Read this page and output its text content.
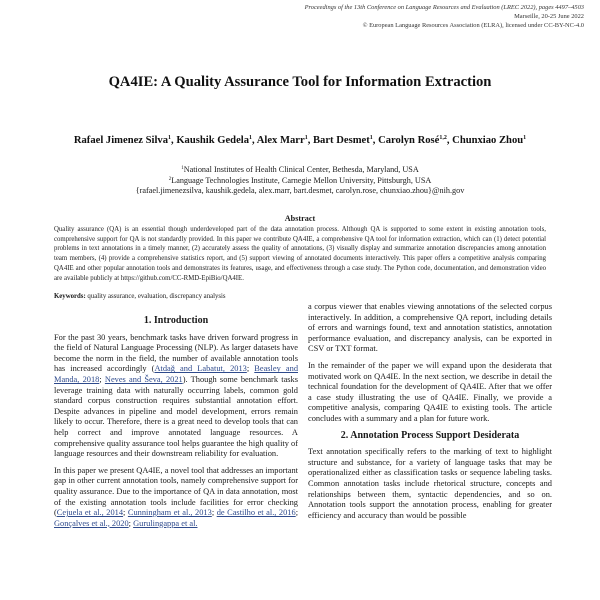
Proceedings of the 13th Conference on Language Resources and Evaluation (LREC 2022), pages 4497–4503
Marseille, 20-25 June 2022
© European Language Resources Association (ELRA), licensed under CC-BY-NC-4.0
QA4IE: A Quality Assurance Tool for Information Extraction
Rafael Jimenez Silva$^1$, Kaushik Gedela$^1$, Alex Marr$^1$, Bart Desmet$^1$, Carolyn Rosé$^{1,2}$, Chunxiao Zhou$^1$
$^1$National Institutes of Health Clinical Center, Bethesda, Maryland, USA
$^2$Language Technologies Institute, Carnegie Mellon University, Pittsburgh, USA
{rafael.jimenezsilva, kaushik.gedela, alex.marr, bart.desmet, carolyn.rose, chunxiao.zhou}@nih.gov
Abstract
Quality assurance (QA) is an essential though underdeveloped part of the data annotation process. Although QA is supported to some extent in existing annotation tools, comprehensive support for QA is not standardly provided. In this paper we contribute QA4IE, a comprehensive QA tool for information extraction, which can (1) detect potential problems in text annotations in a timely manner, (2) accurately assess the quality of annotations, (3) visually display and summarize annotation discrepancies among annotation team members, (4) provide a comprehensive statistics report, and (5) support viewing of annotated documents interactively. This paper offers a competitive analysis comparing QA4IE and other popular annotation tools and demonstrates its features, usage, and effectiveness through a case study. The Python code, documentation, and demonstration video are available publicly at https://github.com/CC-RMD-EpiBio/QA4IE.
Keywords: quality assurance, evaluation, discrepancy analysis
1. Introduction

For the past 30 years, benchmark tasks have driven forward progress in the field of Natural Language Processing (NLP). As larger datasets have become the norm in the field, the number of available annotation tools has increased accordingly (Atdağ and Labatut, 2013; Beasley and Manda, 2018; Neves and Ševa, 2021). Though some benchmark tasks leverage training data with naturally occurring labels, common gold standard corpus construction requires substantial annotation effort. Despite advances in pipeline and model development, errors remain likely to occur. Therefore, there is a great need to develop tools that can help correct and improve annotated language resources. A comprehensive quality assurance tool helps guarantee the high quality of language resources and their downstream reliability for evaluation.

In this paper we present QA4IE, a novel tool that addresses an important gap in other current annotation tools, namely comprehensive support for quality assurance. Due to the importance of QA in data annotation, most of the existing annotation tools include facilities for error checking (Cejuela et al., 2014; Cunningham et al., 2013; de Castilho et al., 2016; Gonçalves et al., 2020; Gurulingappa et al.

a corpus viewer that enables viewing annotations of the selected corpus interactively. In addition, a comprehensive QA report, including details of errors and warnings found, text and annotation statistics, annotation performance evaluation, and discrepancy analysis, can be exported in CSV or TXT format.

In the remainder of the paper we will expand upon the desiderata that motivated work on QA4IE. In the next section, we describe in detail the technical foundation for the development of QA4IE. After that we offer a case study illustrating the use of QA4IE. Finally, we provide a competitive analysis, comparing QA4IE to existing tools. The article concludes with a summary and a plan for future work.

2. Annotation Process Support Desiderata

Text annotation specifically refers to the marking of text to highlight structure and substance, for a variety of language tasks that may be operationalized either as classification tasks or sequence labeling tasks. Common annotation tasks include rhetorical structure, concepts and relationships between them, syntactic dependencies, and so on. Annotation tools support the annotation process, enabling for greater efficiency and accuracy than would be possible
